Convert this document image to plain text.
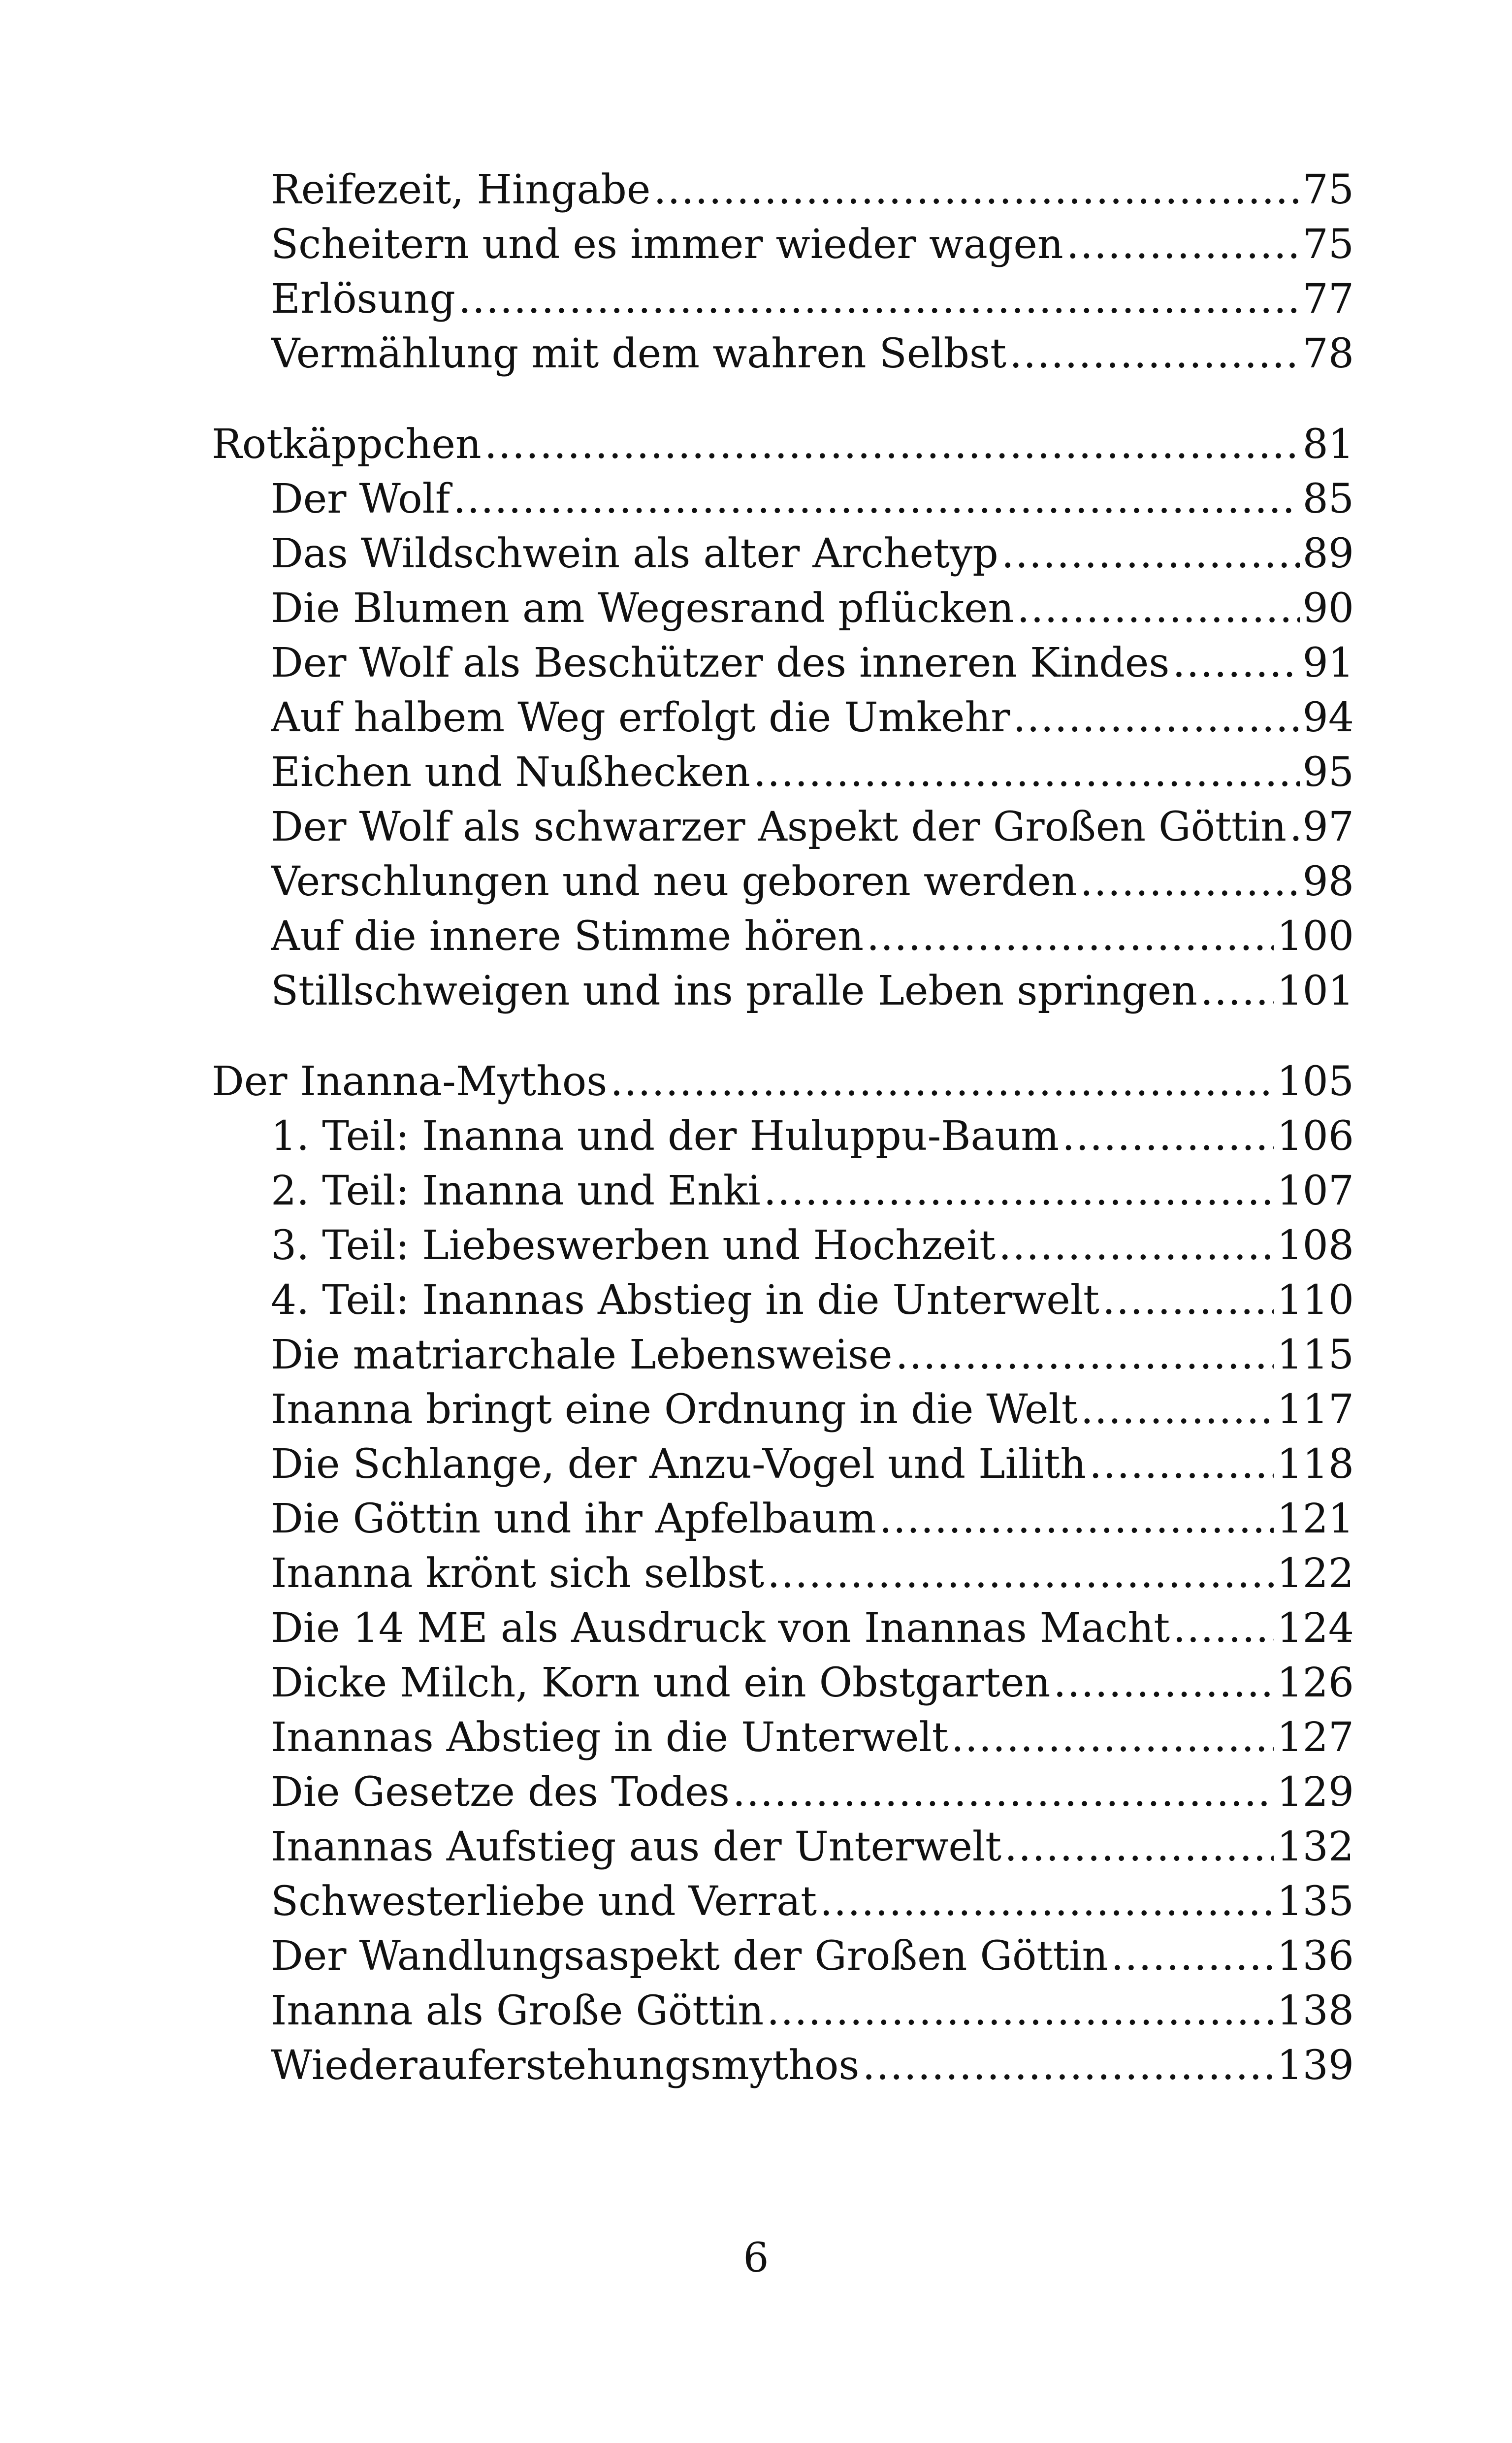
Reifezeit, Hingabe .....	75
Scheitern und es immer wieder wagen .....	75
Erlösung .....	77
Vermählung mit dem wahren Selbst .....	78
Rotkäppchen .....	81
Der Wolf .....	85
Das Wildschwein als alter Archetyp .....	89
Die Blumen am Wegesrand pflücken .....	90
Der Wolf als Beschützer des inneren Kindes .....	91
Auf halbem Weg erfolgt die Umkehr .....	94
Eichen und Nußhecken .....	95
Der Wolf als schwarzer Aspekt der Großen Göttin ..... 97
Verschlungen und neu geboren werden .....	98
Auf die innere Stimme hören .....	100
Stillschweigen und ins pralle Leben springen ..... 101
Der Inanna-Mythos .....	105
1. Teil: Inanna und der Huluppu-Baum .....	106
2. Teil: Inanna und Enki .....	107
3. Teil: Liebeswerben und Hochzeit .....	108
4. Teil: Inannas Abstieg in die Unterwelt .....	110
Die matriarchale Lebensweise .....	115
Inanna bringt eine Ordnung in die Welt .....	117
Die Schlange, der Anzu-Vogel und Lilith .....	118
Die Göttin und ihr Apfelbaum .....	121
Inanna krönt sich selbst .....	122
Die 14 ME als Ausdruck von Inannas Macht .....	124
Dicke Milch, Korn und ein Obstgarten .....	126
Inannas Abstieg in die Unterwelt .....	127
Die Gesetze des Todes .....	129
Inannas Aufstieg aus der Unterwelt .....	132
Schwesterliebe und Verrat .....	135
Der Wandlungsaspekt der Großen Göttin .....	136
Inanna als Große Göttin .....	138
Wiederauferstehungsmythos .....	139
6
